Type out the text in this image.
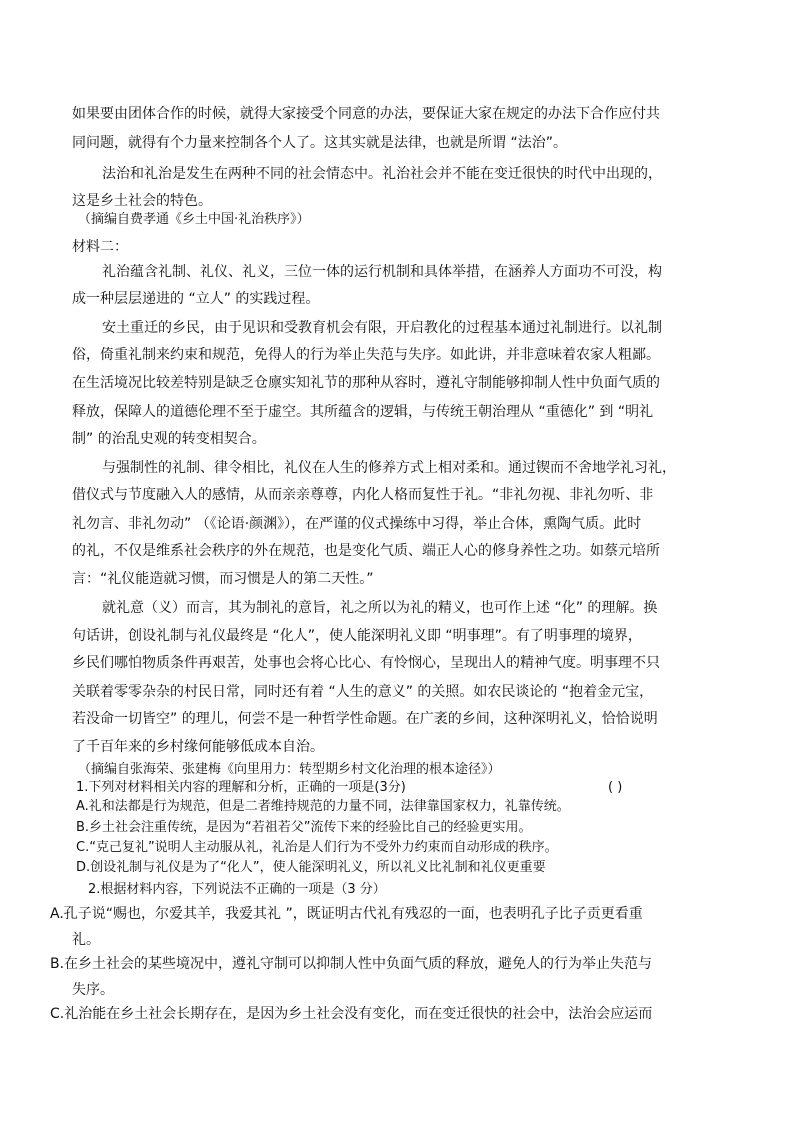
如果要由团体合作的时候，就得大家接受个同意的办法，要保证大家在规定的办法下合作应付共
同问题，就得有个力量来控制各个人了。这其实就是法律，也就是所谓 “法治”。
法治和礼治是发生在两种不同的社会情态中。礼治社会并不能在变迁很快的时代中出现的，
这是乡土社会的特色。
（摘编自费孝通《乡土中国·礼治秩序》）
材料二：
礼治蕴含礼制、礼仪、礼义，三位一体的运行机制和具体举措，在涵养人方面功不可没，构
成一种层层递进的 “立人” 的实践过程。
安土重迁的乡民，由于见识和受教育机会有限，开启教化的过程基本通过礼制进行。以礼制
俗，倚重礼制来约束和规范，免得人的行为举止失范与失序。如此讲，并非意味着农家人粗鄙。
在生活境况比较差特别是缺乏仓廪实知礼节的那种从容时，遵礼守制能够抑制人性中负面气质的
释放，保障人的道德伦理不至于虚空。其所蕴含的逻辑，与传统王朝治理从 “重德化” 到 “明礼
制” 的治乱史观的转变相契合。
与强制性的礼制、律令相比，礼仪在人生的修养方式上相对柔和。通过锲而不舍地学礼习礼，
借仪式与节度融入人的感情，从而亲亲尊尊，内化人格而复性于礼。“非礼勿视、非礼勿听、非
礼勿言、非礼勿动” （《论语·颜渊》），在严谨的仪式操练中习得，举止合体，熏陶气质。此时
的礼，不仅是维系社会秩序的外在规范，也是变化气质、端正人心的修身养性之功。如蔡元培所
言：“礼仪能造就习惯，而习惯是人的第二天性。”
就礼意（义）而言，其为制礼的意旨，礼之所以为礼的精义，也可作上述 “化” 的理解。换
句话讲，创设礼制与礼仪最终是 “化人”，使人能深明礼义即 “明事理”。有了明事理的境界，
乡民们哪怕物质条件再艰苦，处事也会将心比心、有怜悯心，呈现出人的精神气度。明事理不只
关联着零零杂杂的村民日常，同时还有着 “人生的意义” 的关照。如农民谈论的 “抱着金元宝，
若没命一切皆空” 的理儿，何尝不是一种哲学性命题。在广袤的乡间，这种深明礼义，恰恰说明
了千百年来的乡村缘何能够低成本自治。
（摘编自张海荣、张建梅《向里用力：转型期乡村文化治理的根本途径》）
1.下列对材料相关内容的理解和分析，正确的一项是(3分)	( )
A.礼和法都是行为规范，但是二者维持规范的力量不同，法律靠国家权力，礼靠传统。
B.乡土社会注重传统，是因为“若祖若父”流传下来的经验比自己的经验更实用。
C.“克己复礼”说明人主动服从礼，礼治是人们行为不受外力约束而自动形成的秩序。
D.创设礼制与礼仪是为了“化人”，使人能深明礼义，所以礼义比礼制和礼仪更重要
2.根据材料内容，下列说法不正确的一项是（3 分）
A.孔子说“赐也，尔爱其羊，我爱其礼 ”，既证明古代礼有残忍的一面，也表明孔子比子贡更看重
礼。
B.在乡土社会的某些境况中，遵礼守制可以抑制人性中负面气质的释放，避免人的行为举止失范与
失序。
C.礼治能在乡土社会长期存在，是因为乡土社会没有变化，而在变迁很快的社会中，法治会应运而
